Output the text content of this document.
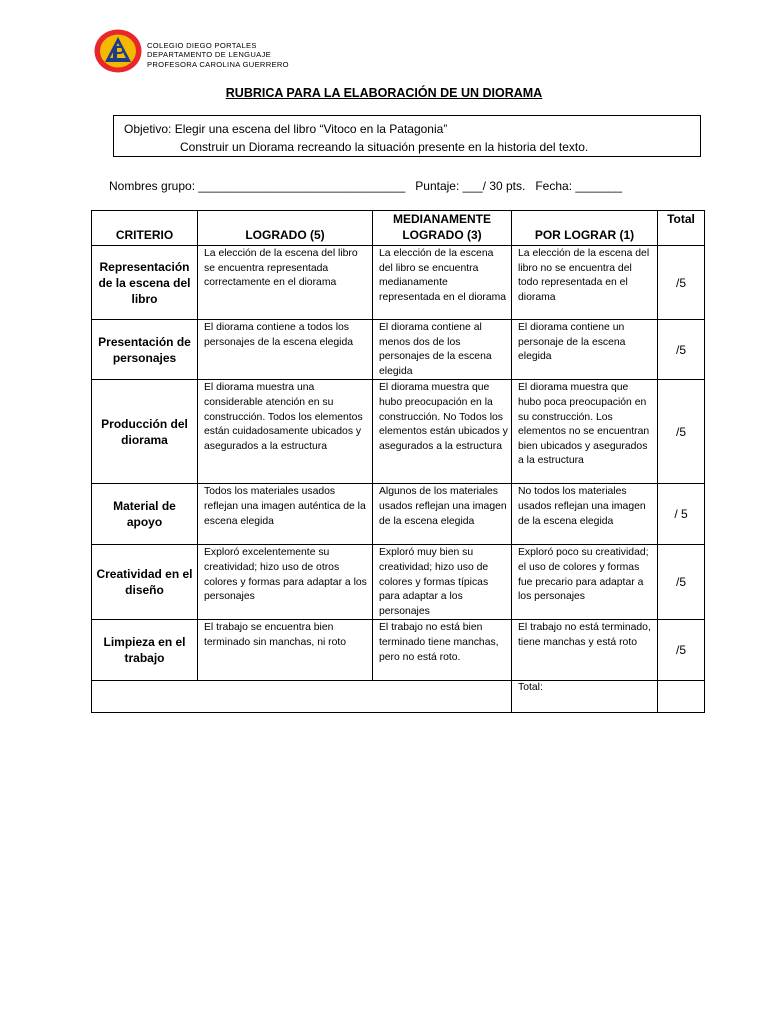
COLEGIO DIEGO PORTALES
DEPARTAMENTO DE LENGUAJE
PROFESORA CAROLINA GUERRERO
RUBRICA PARA LA ELABORACIÓN DE UN DIORAMA
Objetivo: Elegir una escena del libro “Vitoco en la Patagonia”
Construir un Diorama recreando la situación presente en la historia del texto.
Nombres grupo: _______________________________   Puntaje: ___/ 30 pts.   Fecha: _______
CRITERIO	LOGRADO (5)	MEDIANAMENTE LOGRADO (3)	POR LOGRAR (1)	Total
Representación de la escena del libro	La elección de la escena del libro se encuentra representada correctamente en el diorama	La elección de la escena del libro se encuentra medianamente representada en el diorama	La elección de la escena del libro no se encuentra del todo representada en el diorama	/5
Presentación de personajes	El diorama contiene a todos los personajes de la escena elegida	El diorama contiene al menos dos de los personajes de la escena elegida	El diorama contiene un personaje de la escena elegida	/5
Producción del diorama	El diorama muestra una considerable atención en su construcción. Todos los elementos están cuidadosamente ubicados y asegurados a la estructura	El diorama muestra que hubo preocupación en la construcción. No Todos los elementos están ubicados y asegurados a la estructura	El diorama muestra que hubo poca preocupación en su construcción. Los elementos no se encuentran bien ubicados y asegurados a la estructura	/5
Material de apoyo	Todos los materiales usados reflejan una imagen auténtica de la escena elegida	Algunos de los materiales usados reflejan una imagen de la escena elegida	No todos los materiales usados reflejan una imagen de la escena elegida	/ 5
Creatividad en el diseño	Exploró excelentemente su creatividad; hizo uso de otros colores y formas para adaptar a los personajes	Exploró muy bien su creatividad; hizo uso de colores y formas típicas para adaptar a los personajes	Exploró poco su creatividad; el uso de colores y formas fue precario para adaptar a los personajes	/5
Limpieza en el trabajo	El trabajo se encuentra bien terminado sin manchas, ni roto	El trabajo no está bien terminado tiene manchas, pero no está roto.	El trabajo no está terminado, tiene manchas y está roto	/5
			Total:	
